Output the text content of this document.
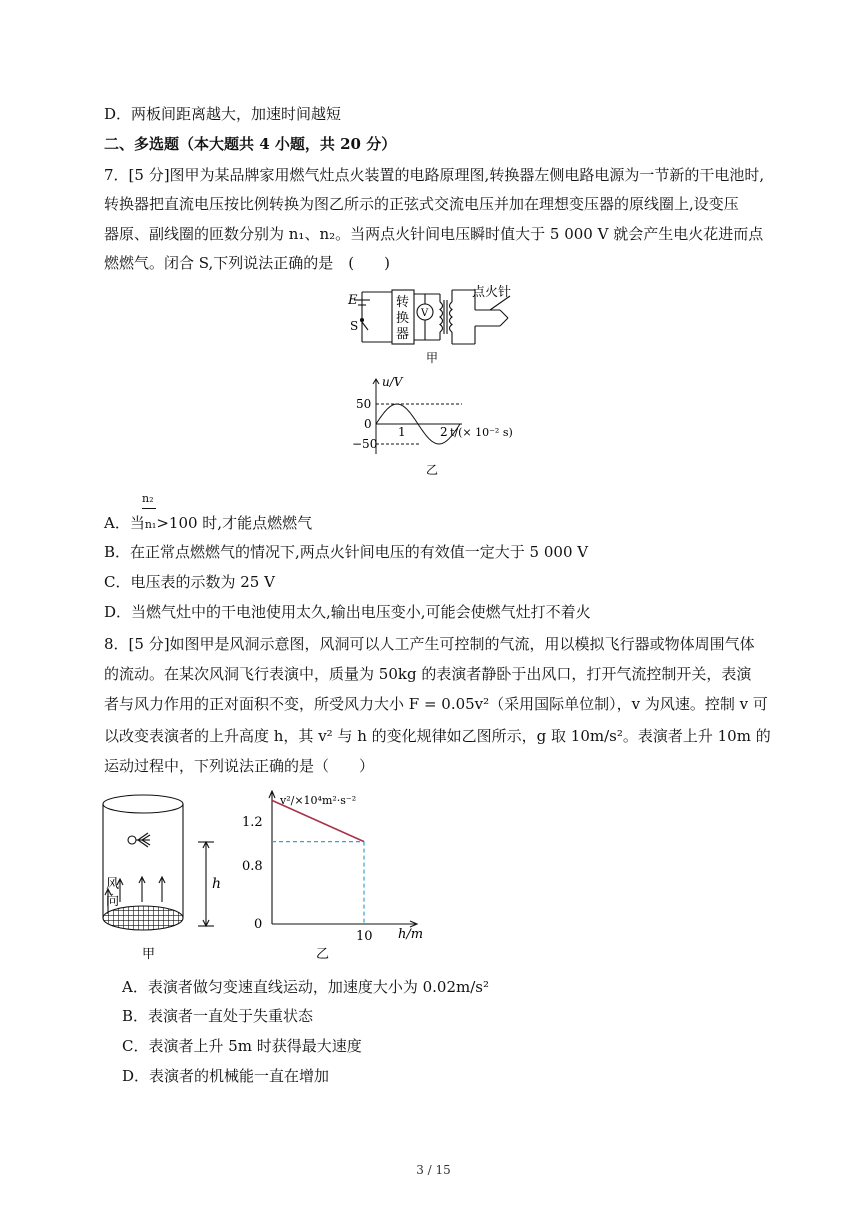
D．两板间距离越大，加速时间越短
二、多选题（本大题共 4 小题，共 20 分）
7．[5 分]图甲为某品牌家用燃气灶点火装置的电路原理图,转换器左侧电路电源为一节新的干电池时,
转换器把直流电压按比例转换为图乙所示的正弦式交流电压并加在理想变压器的原线圈上,设变压
器原、副线圈的匝数分别为 n₁、n₂。当两点火针间电压瞬时值大于 5 000 V 就会产生电火花进而点
燃燃气。闭合 S,下列说法正确的是　(　　)
E
S
转
换
器
V
点火针
甲
u/V
50
0
−50
1	2 t/(× 10⁻² s)
乙
n₂
A．当n₁>100 时,才能点燃燃气
B．在正常点燃燃气的情况下,两点火针间电压的有效值一定大于 5 000 V
C．电压表的示数为 25 V
D．当燃气灶中的干电池使用太久,输出电压变小,可能会使燃气灶打不着火
8．[5 分]如图甲是风洞示意图，风洞可以人工产生可控制的气流，用以模拟飞行器或物体周围气体
的流动。在某次风洞飞行表演中，质量为 50kg 的表演者静卧于出风口，打开气流控制开关，表演
者与风力作用的正对面积不变，所受风力大小 F = 0.05v²（采用国际单位制），v 为风速。控制 v 可
以改变表演者的上升高度 h，其 v² 与 h 的变化规律如乙图所示，g 取 10m/s²。表演者上升 10m 的
运动过程中，下列说法正确的是（　　）
风
向
h
甲
v²/×10⁴m²·s⁻²
1.2
0.8
0
10 h/m
乙
A．表演者做匀变速直线运动，加速度大小为 0.02m/s²
B．表演者一直处于失重状态
C．表演者上升 5m 时获得最大速度
D．表演者的机械能一直在增加
3 / 15
